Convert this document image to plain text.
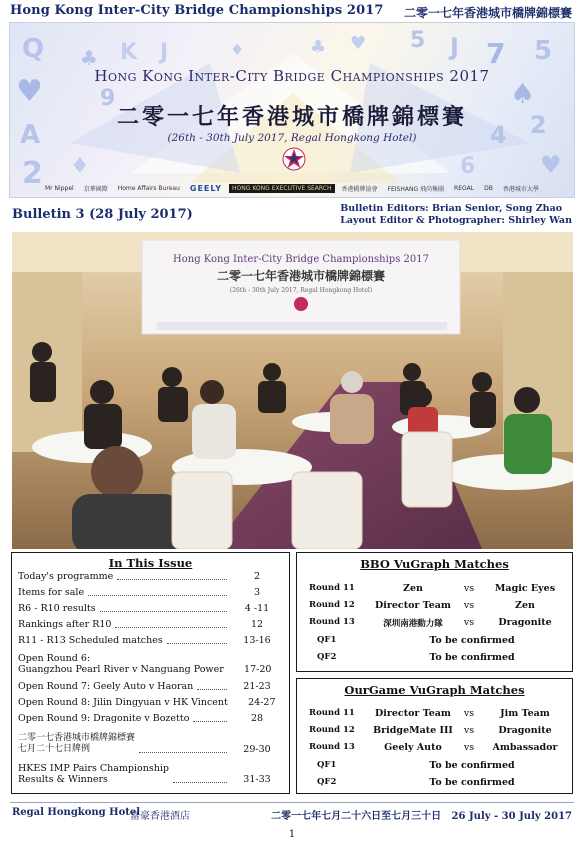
Hong Kong Inter-City Bridge Championships 2017 二零一七年香港城市橋牌錦標賽
Q ♣ K J
♥	9
A
2 ♦
5 J 7 5
♠
4 2
♥
6
♣ ♥
♦
Hong Kong Inter-City Bridge Championships 2017
二零一七年香港城市橋牌錦標賽
(26th - 30th July 2017, Regal Hongkong Hotel)
Mr Nippel	京華國際	Home Affairs Bureau	GEELY	HONG KONG EXECUTIVE SEARCH	香港橋牌協會	FEISHANG 飛尚集團	REGAL	DB	香港城市大學
Bulletin 3 (28 July 2017)	Bulletin Editors: Brian Senior, Song Zhao
Layout Editor & Photographer: Shirley Wan
Hong Kong Inter-City Bridge Championships 2017
二零一七年香港城市橋牌錦標賽
(26th - 30th July 2017, Regal Hongkong Hotel)
In This Issue
Today's programme	2
Items for sale	3
R6 - R10 results	4 -11
Rankings after R10	12
R11 - R13 Scheduled matches	13-16
Open Round 6:
Guangzhou Pearl River v Nanguang Power	17-20
Open Round 7: Geely Auto v Haoran	21-23
Open Round 8: Jilin Dingyuan v HK Vincent	24-27
Open Round 9: Dragonite v Bozetto	28
二零一七香港城市橋牌錦標賽
七月二十七日牌例	29-30
HKES IMP Pairs Championship
Results & Winners	31-33
BBO VuGraph Matches
Round 11	Zen	vs	Magic Eyes
Round 12	Director Team	vs	Zen
Round 13	深圳南港動力隊	vs	Dragonite
QF1	To be confirmed
QF2	To be confirmed
OurGame VuGraph Matches
Round 11	Director Team	vs	Jim Team
Round 12	BridgeMate III	vs	Dragonite
Round 13	Geely Auto	vs	Ambassador
QF1	To be confirmed
QF2	To be confirmed
Regal Hongkong Hotel
富豪香港酒店	二零一七年七月二十六日至七月三十日   26 July - 30 July 2017
1
